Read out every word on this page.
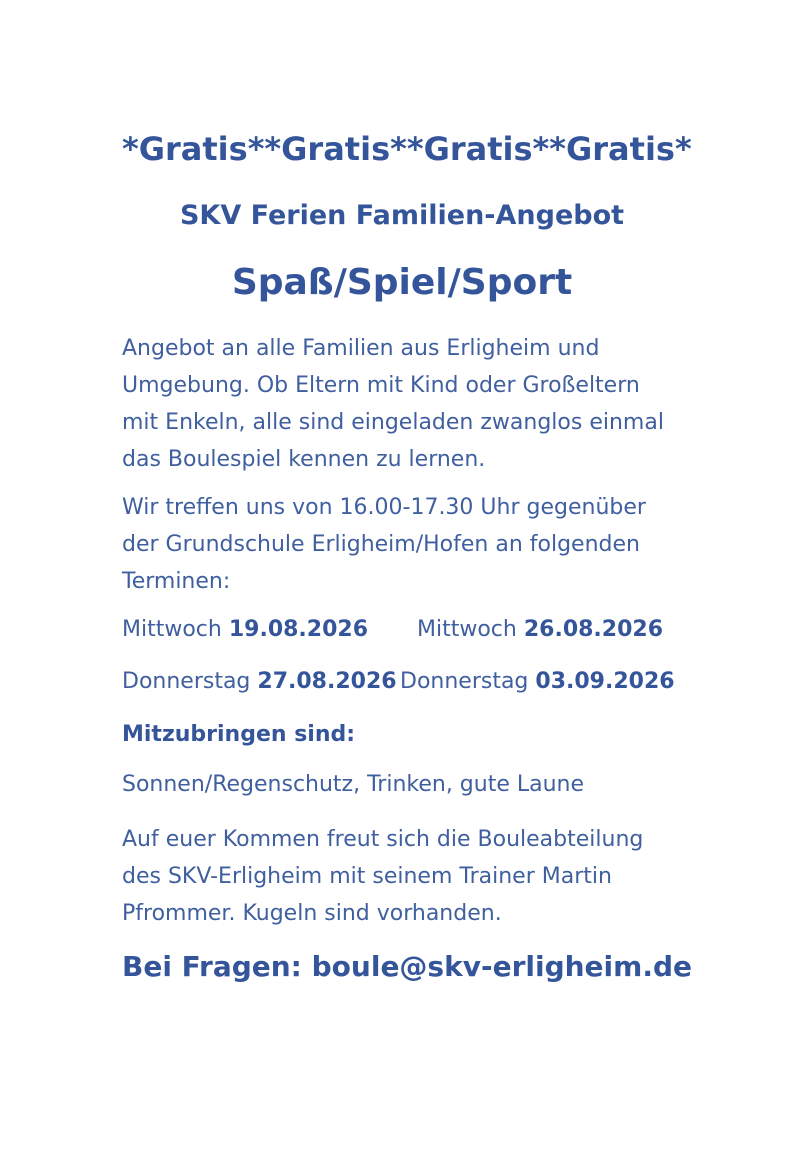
*Gratis**Gratis**Gratis**Gratis*
SKV Ferien Familien-Angebot
Spaß/Spiel/Sport
Angebot an alle Familien aus Erligheim und Umgebung. Ob Eltern mit Kind oder Großeltern mit Enkeln, alle sind eingeladen zwanglos einmal das Boulespiel kennen zu lernen.
Wir treffen uns von 16.00-17.30 Uhr gegenüber der Grundschule Erligheim/Hofen an folgenden Terminen:
Mittwoch 19.08.2026 Mittwoch 26.08.2026
Donnerstag 27.08.2026 Donnerstag 03.09.2026
Mitzubringen sind:
Sonnen/Regenschutz, Trinken, gute Laune
Auf euer Kommen freut sich die Bouleabteilung des SKV-Erligheim mit seinem Trainer Martin Pfrommer. Kugeln sind vorhanden.
Bei Fragen: boule@skv-erligheim.de
